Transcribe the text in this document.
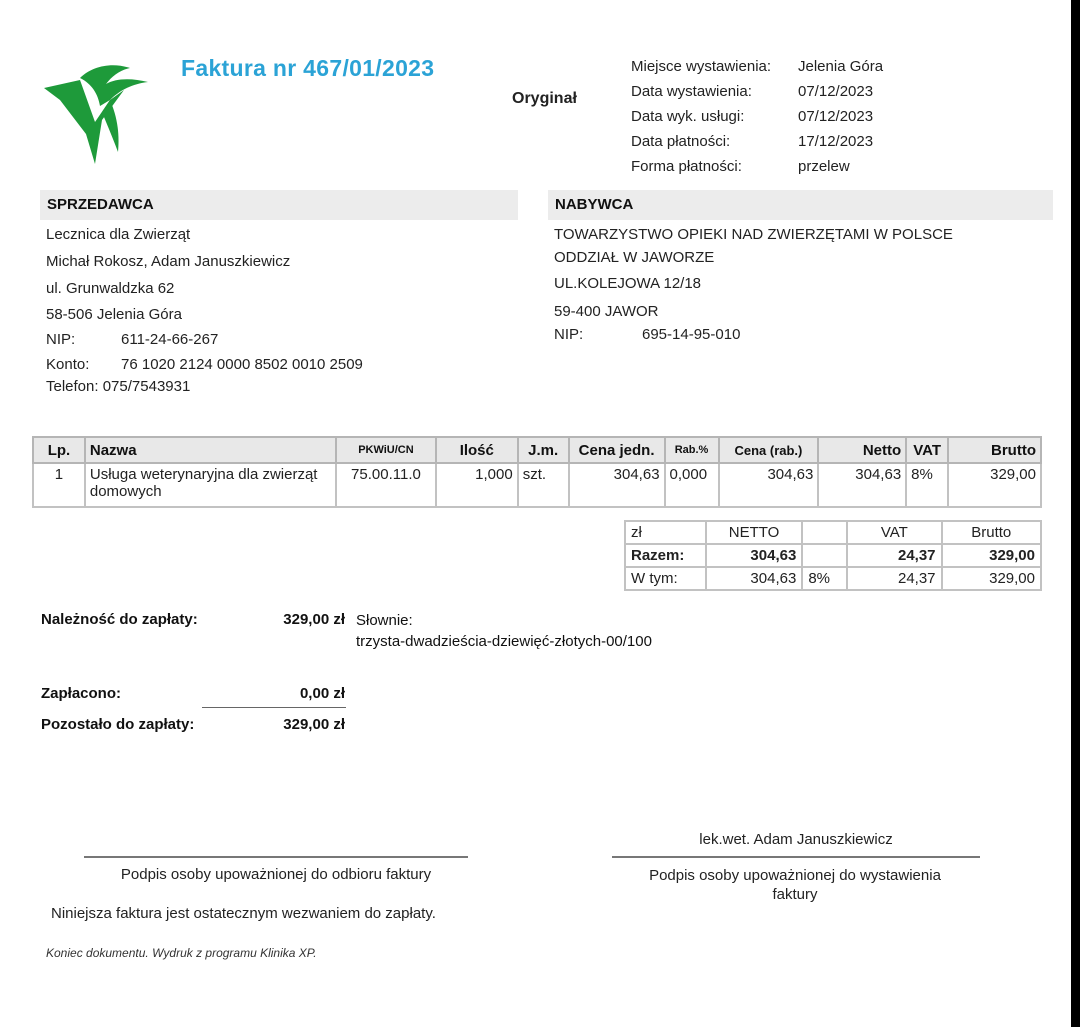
Faktura nr 467/01/2023
Oryginał
Miejsce wystawienia:	Jelenia Góra
Data wystawienia:	07/12/2023
Data wyk. usługi:	07/12/2023
Data płatności:	17/12/2023
Forma płatności:	przelew
SPRZEDAWCA
Lecznica dla Zwierząt
Michał Rokosz, Adam Januszkiewicz
ul. Grunwaldzka 62
58-506 Jelenia Góra
NIP:	611-24-66-267
Konto: 76 1020 2124 0000 8502 0010 2509
Telefon: 075/7543931
NABYWCA
TOWARZYSTWO OPIEKI NAD ZWIERZĘTAMI W POLSCE
ODDZIAŁ W JAWORZE
UL.KOLEJOWA 12/18
59-400 JAWOR
NIP:	695-14-95-010
Lp.	Nazwa	PKWiU/CN	Ilość	J.m.	Cena jedn.	Rab.%	Cena (rab.)	Netto	VAT	Brutto
1	Usługa weterynaryjna dla zwierząt domowych	75.00.11.0	1,000	szt.	304,63	0,000	304,63	304,63	8%	329,00
zł	NETTO		VAT	Brutto
Razem:	304,63		24,37	329,00
W tym:	304,63	8%	24,37	329,00
Należność do zapłaty:	329,00 zł Słownie:
trzysta-dwadzieścia-dziewięć-złotych-00/100
Zapłacono:	0,00 zł
Pozostało do zapłaty:	329,00 zł
lek.wet. Adam Januszkiewicz
Podpis osoby upoważnionej do odbioru faktury	Podpis osoby upoważnionej do wystawienia faktury
Niniejsza faktura jest ostatecznym wezwaniem do zapłaty.
Koniec dokumentu. Wydruk z programu Klinika XP.
